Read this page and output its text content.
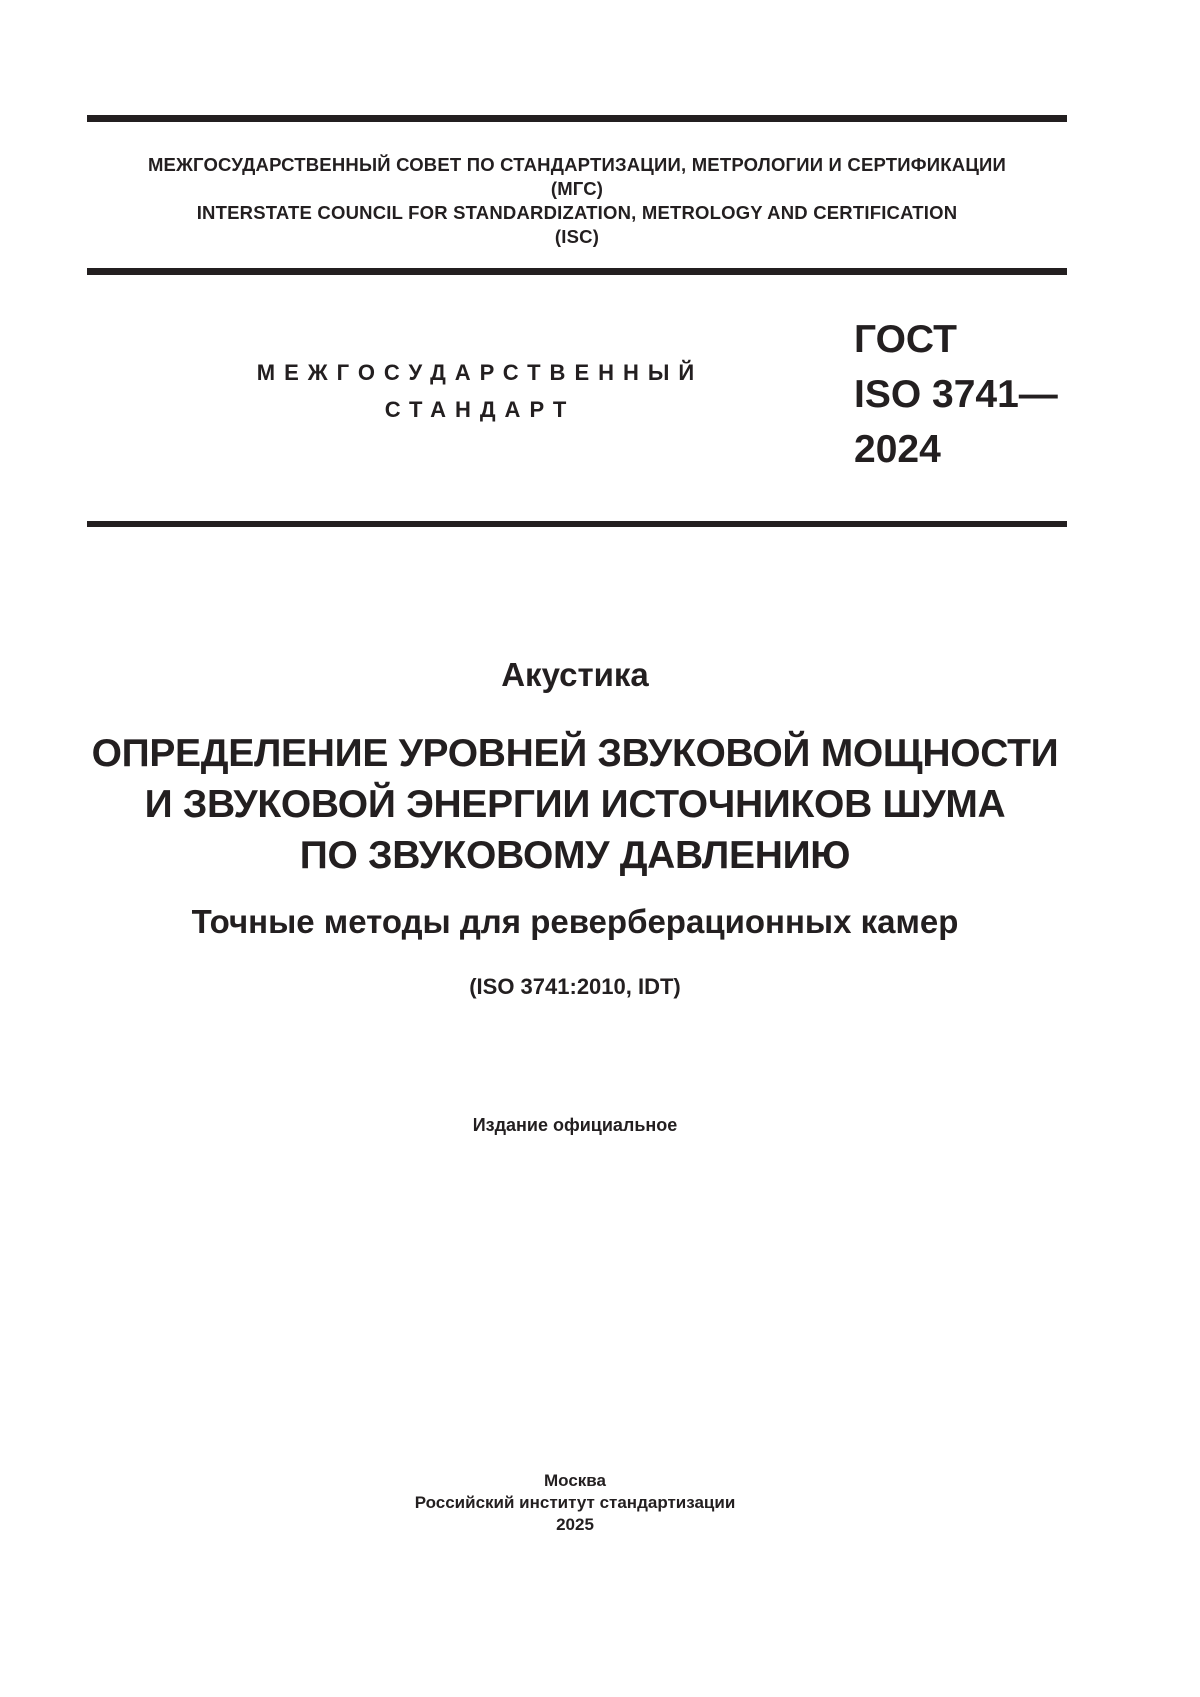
МЕЖГОСУДАРСТВЕННЫЙ СОВЕТ ПО СТАНДАРТИЗАЦИИ, МЕТРОЛОГИИ И СЕРТИФИКАЦИИ
(МГС)
INTERSTATE COUNCIL FOR STANDARDIZATION, METROLOGY AND CERTIFICATION
(ISC)
МЕЖГОСУДАРСТВЕННЫЙ
СТАНДАРТ
ГОСТ
ISO 3741—
2024
Акустика
ОПРЕДЕЛЕНИЕ УРОВНЕЙ ЗВУКОВОЙ МОЩНОСТИ
И ЗВУКОВОЙ ЭНЕРГИИ ИСТОЧНИКОВ ШУМА
ПО ЗВУКОВОМУ ДАВЛЕНИЮ
Точные методы для реверберационных камер
(ISO 3741:2010, IDT)
Издание официальное
Москва
Российский институт стандартизации
2025
